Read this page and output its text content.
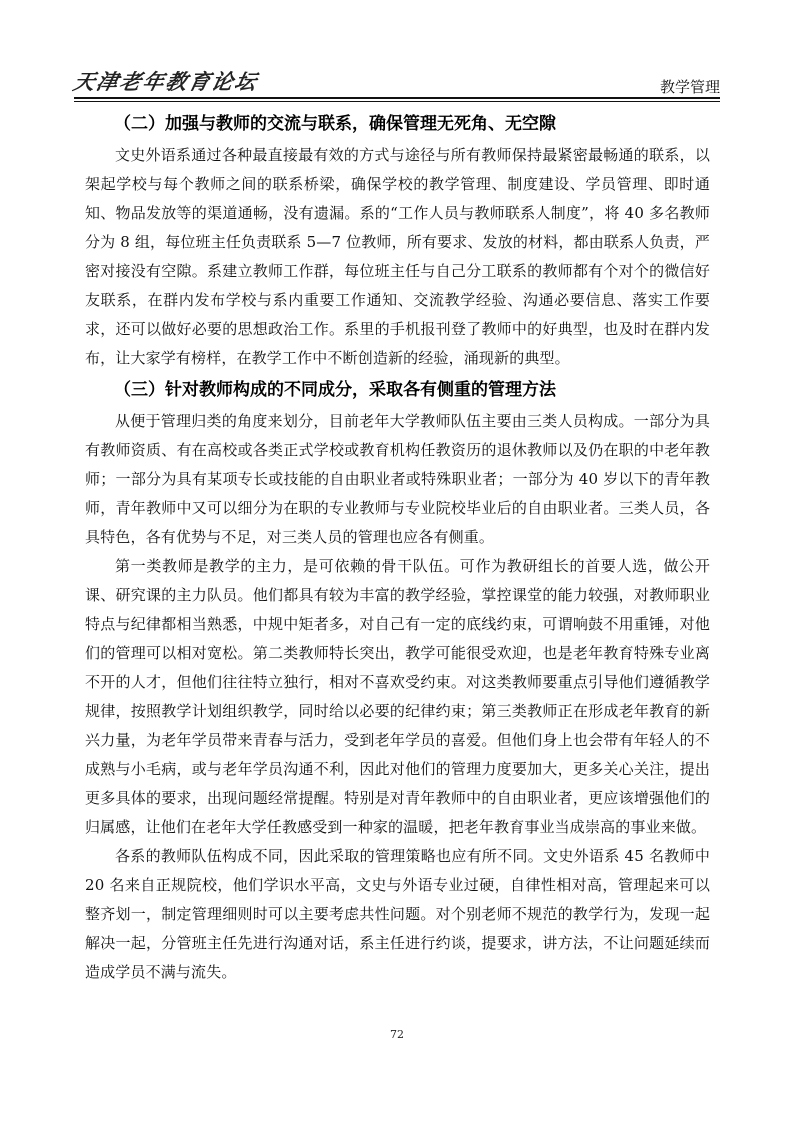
天津老年教育论坛	教学管理
（二）加强与教师的交流与联系，确保管理无死角、无空隙

文史外语系通过各种最直接最有效的方式与途径与所有教师保持最紧密最畅通的联系，以架起学校与每个教师之间的联系桥梁，确保学校的教学管理、制度建设、学员管理、即时通知、物品发放等的渠道通畅，没有遗漏。系的“工作人员与教师联系人制度”，将 40 多名教师分为 8 组，每位班主任负责联系 5—7 位教师，所有要求、发放的材料，都由联系人负责，严密对接没有空隙。系建立教师工作群，每位班主任与自己分工联系的教师都有个对个的微信好友联系，在群内发布学校与系内重要工作通知、交流教学经验、沟通必要信息、落实工作要求，还可以做好必要的思想政治工作。系里的手机报刊登了教师中的好典型，也及时在群内发布，让大家学有榜样，在教学工作中不断创造新的经验，涌现新的典型。

（三）针对教师构成的不同成分，采取各有侧重的管理方法

从便于管理归类的角度来划分，目前老年大学教师队伍主要由三类人员构成。一部分为具有教师资质、有在高校或各类正式学校或教育机构任教资历的退休教师以及仍在职的中老年教师；一部分为具有某项专长或技能的自由职业者或特殊职业者；一部分为 40 岁以下的青年教师，青年教师中又可以细分为在职的专业教师与专业院校毕业后的自由职业者。三类人员，各具特色，各有优势与不足，对三类人员的管理也应各有侧重。

第一类教师是教学的主力，是可依赖的骨干队伍。可作为教研组长的首要人选，做公开课、研究课的主力队员。他们都具有较为丰富的教学经验，掌控课堂的能力较强，对教师职业特点与纪律都相当熟悉，中规中矩者多，对自己有一定的底线约束，可谓响鼓不用重锤，对他们的管理可以相对宽松。第二类教师特长突出，教学可能很受欢迎，也是老年教育特殊专业离不开的人才，但他们往往特立独行，相对不喜欢受约束。对这类教师要重点引导他们遵循教学规律，按照教学计划组织教学，同时给以必要的纪律约束；第三类教师正在形成老年教育的新兴力量，为老年学员带来青春与活力，受到老年学员的喜爱。但他们身上也会带有年轻人的不成熟与小毛病，或与老年学员沟通不利，因此对他们的管理力度要加大，更多关心关注，提出更多具体的要求，出现问题经常提醒。特别是对青年教师中的自由职业者，更应该增强他们的归属感，让他们在老年大学任教感受到一种家的温暖，把老年教育事业当成崇高的事业来做。

各系的教师队伍构成不同，因此采取的管理策略也应有所不同。文史外语系 45 名教师中 20 名来自正规院校，他们学识水平高，文史与外语专业过硬，自律性相对高，管理起来可以整齐划一，制定管理细则时可以主要考虑共性问题。对个别老师不规范的教学行为，发现一起解决一起，分管班主任先进行沟通对话，系主任进行约谈，提要求，讲方法，不让问题延续而造成学员不满与流失。

72
